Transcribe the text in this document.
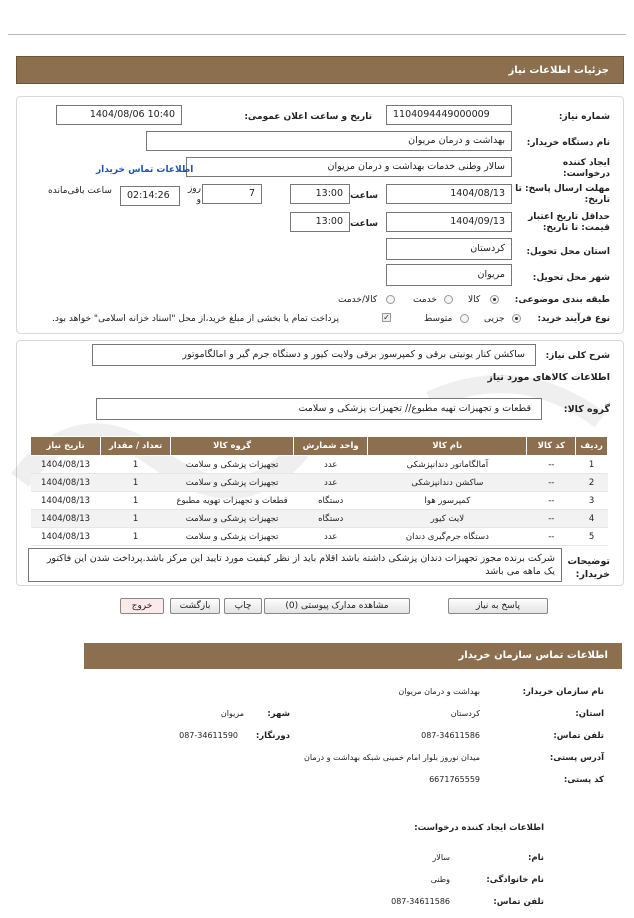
جزئیات اطلاعات نیاز
شماره نیاز:
1104094449000009
تاریخ و ساعت اعلان عمومی:
1404/08/06 10:40
نام دستگاه خریدار:
بهداشت و درمان مریوان
ایجاد کننده درخواست:
سالار وطنی خدمات بهداشت و درمان مریوان
اطلاعات تماس خریدار
مهلت ارسال پاسخ: تا تاریخ:
1404/08/13
ساعت
13:00
7
روز و
02:14:26
ساعت باقی‌مانده
حداقل تاریخ اعتبار قیمت: تا تاریخ:
1404/09/13
ساعت
13:00
استان محل تحویل:
کردستان
شهر محل تحویل:
مریوان
طبقه بندی موضوعی:
کالا
خدمت
کالا/خدمت
نوع فرآیند خرید:
جزیی
متوسط
✓
پرداخت تمام یا بخشی از مبلغ خرید،از محل "اسناد خزانه اسلامی" خواهد بود.
شرح کلی نیاز:
ساکشن کنار یونیتی برقی و کمپرسور برقی ولایت کیور و دستگاه جرم گیر و امالگاموتور
اطلاعات کالاهای مورد نیاز
گروه کالا:
قطعات و تجهیزات تهیه مطبوع// تجهیزات پزشکی و سلامت
ردیف	کد کالا	نام کالا	واحد شمارش	گروه کالا	تعداد / مقدار	تاریخ نیاز
1	--	آمالگاماتور دندانپزشکی	عدد	تجهیزات پزشکی و سلامت	1	1404/08/13
2	--	ساکشن دندانپزشکی	عدد	تجهیزات پزشکی و سلامت	1	1404/08/13
3	--	کمپرسور هوا	دستگاه	قطعات و تجهیزات تهویه مطبوع	1	1404/08/13
4	--	لایت کیور	دستگاه	تجهیزات پزشکی و سلامت	1	1404/08/13
5	--	دستگاه جرم‌گیری دندان	عدد	تجهیزات پزشکی و سلامت	1	1404/08/13
توضیحات خریدار:
شرکت برنده مجوز تجهیزات دندان پزشکی داشته باشد اقلام باید از نظر کیفیت مورد تایید این مرکز باشد.پرداخت شدن این فاکتور یک ماهه می باشد
پاسخ به نیاز
مشاهده مدارک پیوستی (0)
چاپ
بازگشت
خروج
اطلاعات تماس سازمان خریدار
نام سازمان خریدار:
بهداشت و درمان مریوان
استان:
کردستان
شهر:
مریوان
تلفن تماس:
087-34611586
دورنگار:
087-34611590
آدرس پستی:
میدان نوروز بلوار امام خمینی شبکه بهداشت و درمان
کد پستی:
6671765559
اطلاعات ایجاد کننده درخواست:
نام:
سالار
نام خانوادگی:
وطنی
تلفن تماس:
087-34611586
